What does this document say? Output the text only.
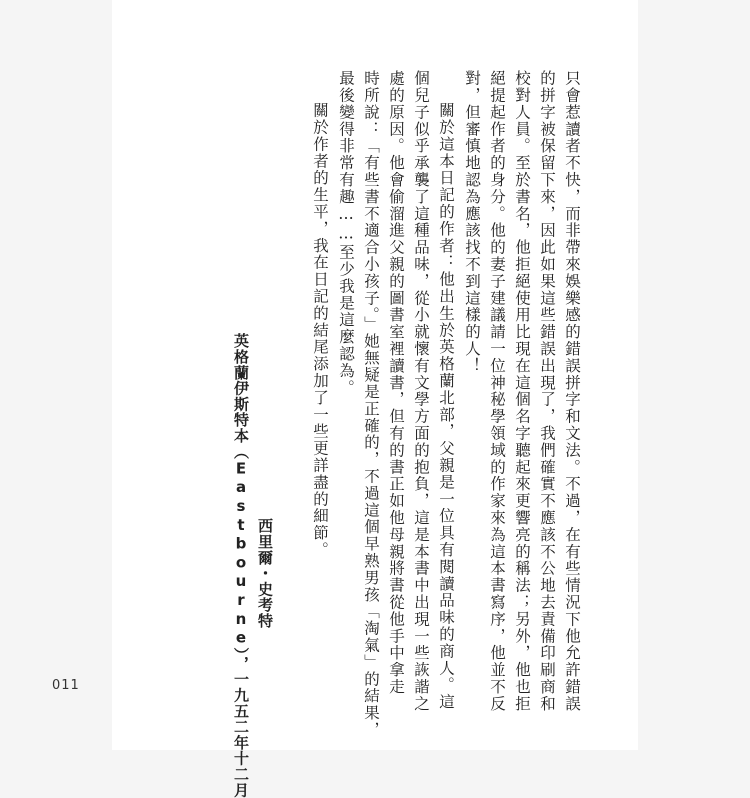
只會惹讀者不快，而非帶來娛樂感的錯誤拼字和文法。不過，在有些情況下他允許錯誤
的拼字被保留下來，因此如果這些錯誤出現了，我們確實不應該不公地去責備印刷商和
校對人員。至於書名，他拒絕使用比現在這個名字聽起來更響亮的稱法；另外，他也拒
絕提起作者的身分。他的妻子建議請一位神秘學領域的作家來為這本書寫序，他並不反
對，但審慎地認為應該找不到這樣的人！
關於這本日記的作者：他出生於英格蘭北部，父親是一位具有閱讀品味的商人。這
個兒子似乎承襲了這種品味，從小就懷有文學方面的抱負，這是本書中出現一些詼諧之
處的原因。他會偷溜進父親的圖書室裡讀書，但有的書正如他母親將書從他手中拿走
時所說：「有些書不適合小孩子。」她無疑是正確的，不過這個早熟男孩「淘氣」的結果，
最後變得非常有趣……至少我是這麼認為。
關於作者的生平，我在日記的結尾添加了一些更詳盡的細節。
西里爾・史考特
英格蘭伊斯特本（Eastbourne），一九五二年十二月
011
